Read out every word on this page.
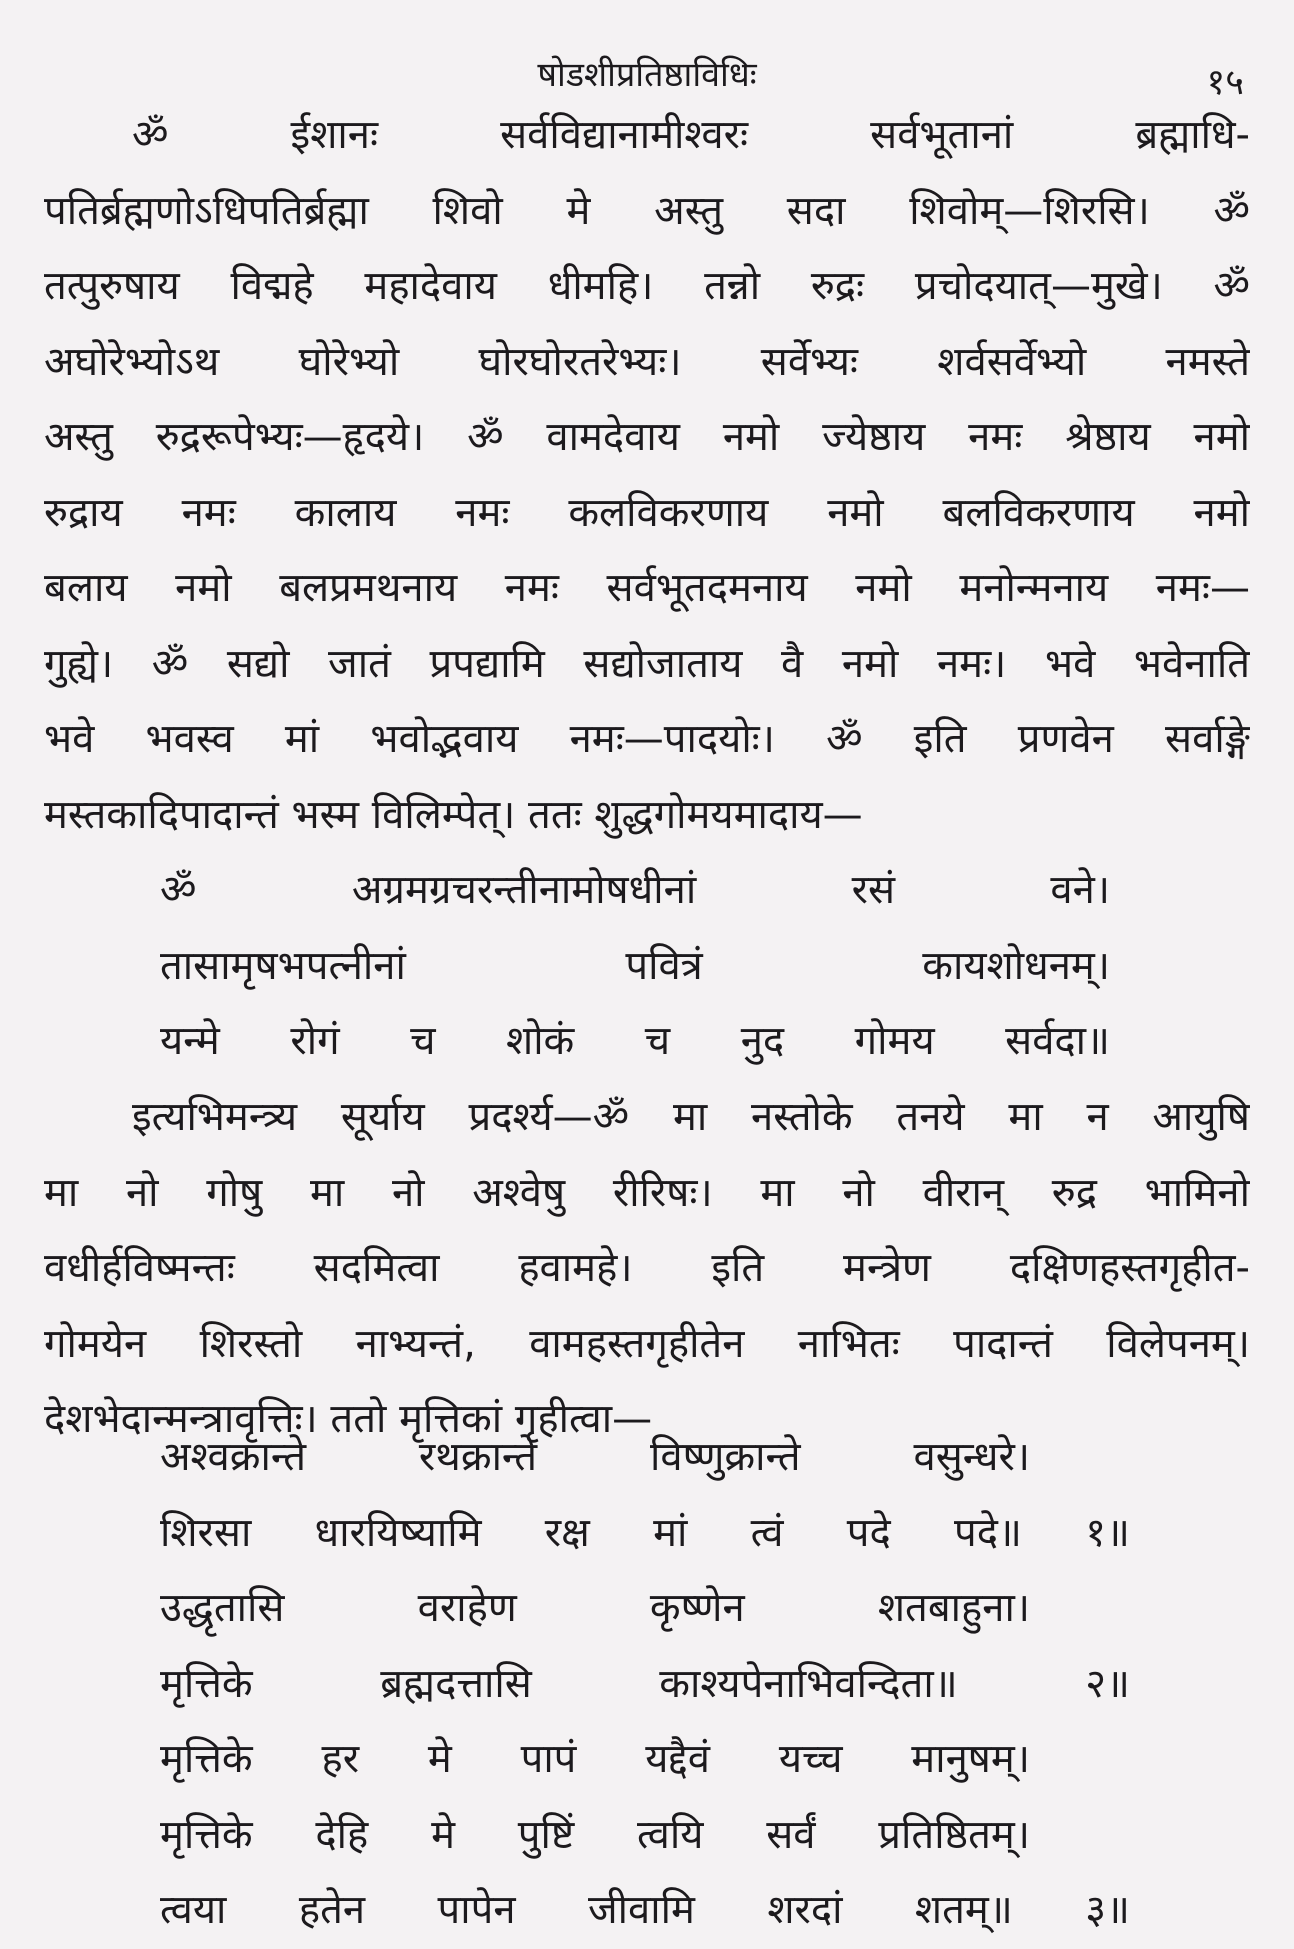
षोडशीप्रतिष्ठाविधिः	१५
ॐ ईशानः सर्वविद्यानामीश्वरः सर्वभूतानां ब्रह्माधि-
पतिर्ब्रह्मणोऽधिपतिर्ब्रह्मा शिवो मे अस्तु सदा शिवोम्—शिरसि। ॐ
तत्पुरुषाय विद्महे महादेवाय धीमहि। तन्नो रुद्रः प्रचोदयात्—मुखे। ॐ
अघोरेभ्योऽथ घोरेभ्यो घोरघोरतरेभ्यः। सर्वेभ्यः शर्वसर्वेभ्यो नमस्ते
अस्तु रुद्ररूपेभ्यः—हृदये। ॐ वामदेवाय नमो ज्येष्ठाय नमः श्रेष्ठाय नमो
रुद्राय नमः कालाय नमः कलविकरणाय नमो बलविकरणाय नमो
बलाय नमो बलप्रमथनाय नमः सर्वभूतदमनाय नमो मनोन्मनाय नमः—
गुह्ये। ॐ सद्यो जातं प्रपद्यामि सद्योजाताय वै नमो नमः। भवे भवेनाति
भवे भवस्व मां भवोद्भवाय नमः—पादयोः। ॐ इति प्रणवेन सर्वाङ्गे
मस्तकादिपादान्तं भस्म विलिम्पेत्। ततः शुद्धगोमयमादाय—
ॐ अग्रमग्रचरन्तीनामोषधीनां रसं वने।
तासामृषभपत्नीनां पवित्रं कायशोधनम्।
यन्मे रोगं च शोकं च नुद गोमय सर्वदा॥
इत्यभिमन्त्र्य सूर्याय प्रदर्श्य—ॐ मा नस्तोके तनये मा न आयुषि
मा नो गोषु मा नो अश्वेषु रीरिषः। मा नो वीरान् रुद्र भामिनो
वधीर्हविष्मन्तः सदमित्वा हवामहे। इति मन्त्रेण दक्षिणहस्तगृहीत-
गोमयेन शिरस्तो नाभ्यन्तं, वामहस्तगृहीतेन नाभितः पादान्तं विलेपनम्।
देशभेदान्मन्त्रावृत्तिः। ततो मृत्तिकां गृहीत्वा—
अश्वक्रान्ते रथक्रान्ते विष्णुक्रान्ते वसुन्धरे।
शिरसा धारयिष्यामि रक्ष मां त्वं पदे पदे॥ १॥
उद्धृतासि वराहेण कृष्णेन शतबाहुना।
मृत्तिके ब्रह्मदत्तासि काश्यपेनाभिवन्दिता॥ २॥
मृत्तिके हर मे पापं यद्दैवं यच्च मानुषम्।
मृत्तिके देहि मे पुष्टिं त्वयि सर्वं प्रतिष्ठितम्।
त्वया हतेन पापेन जीवामि शरदां शतम्॥ ३॥
